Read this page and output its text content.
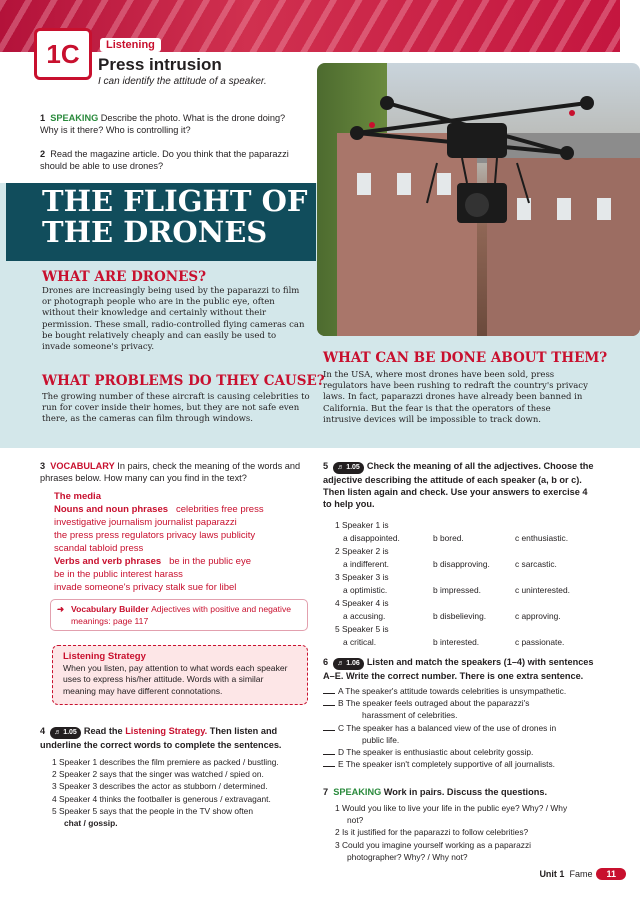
1C	Listening
Press intrusion
I can identify the attitude of a speaker.
1 SPEAKING Describe the photo. What is the drone doing? Why is it there? Who is controlling it?
2 Read the magazine article. Do you think that the paparazzi should be able to use drones?
THE FLIGHT OF
THE DRONES
WHAT ARE DRONES?
Drones are increasingly being used by the paparazzi to film or photograph people who are in the public eye, often without their knowledge and certainly without their permission. These small, radio-controlled flying cameras can be bought relatively cheaply and can easily be used to invade someone's privacy.
WHAT PROBLEMS DO THEY CAUSE?
The growing number of these aircraft is causing celebrities to run for cover inside their homes, but they are not safe even there, as the cameras can film through windows.
WHAT CAN BE DONE ABOUT THEM?
In the USA, where most drones have been sold, press regulators have been rushing to redraft the country's privacy laws. In fact, paparazzi drones have already been banned in California. But the fear is that the operators of these intrusive devices will be impossible to track down.
3 VOCABULARY In pairs, check the meaning of the words and phrases below. How many can you find in the text?
The media
Nouns and noun phrases celebrities free press
investigative journalism journalist paparazzi
the press press regulators privacy laws publicity
scandal tabloid press
Verbs and verb phrases be in the public eye
be in the public interest harass
invade someone's privacy stalk sue for libel
➜ Vocabulary Builder Adjectives with positive and negative meanings: page 117
Listening Strategy
When you listen, pay attention to what words each speaker uses to express his/her attitude. Words with a similar meaning may have different connotations.
4 ♬ 1.05 Read the Listening Strategy. Then listen and underline the correct words to complete the sentences.
1 Speaker 1 describes the film premiere as packed / bustling.
2 Speaker 2 says that the singer was watched / spied on.
3 Speaker 3 describes the actor as stubborn / determined.
4 Speaker 4 thinks the footballer is generous / extravagant.
5 Speaker 5 says that the people in the TV show often
chat / gossip.
5 ♬ 1.05 Check the meaning of all the adjectives. Choose the adjective describing the attitude of each speaker (a, b or c). Then listen again and check. Use your answers to exercise 4 to help you.
1 Speaker 1 is
a disappointed.	b bored.	c enthusiastic.
2 Speaker 2 is
a indifferent.	b disapproving.	c sarcastic.
3 Speaker 3 is
a optimistic.	b impressed.	c uninterested.
4 Speaker 4 is
a accusing.	b disbelieving.	c approving.
5 Speaker 5 is
a critical.	b interested.	c passionate.
6 ♬ 1.06 Listen and match the speakers (1–4) with sentences A–E. Write the correct number. There is one extra sentence.
A The speaker's attitude towards celebrities is unsympathetic.
B The speaker feels outraged about the paparazzi's
harassment of celebrities.
C The speaker has a balanced view of the use of drones in
public life.
D The speaker is enthusiastic about celebrity gossip.
E The speaker isn't completely supportive of all journalists.
7 SPEAKING Work in pairs. Discuss the questions.
1 Would you like to live your life in the public eye? Why? / Why
not?
2 Is it justified for the paparazzi to follow celebrities?
3 Could you imagine yourself working as a paparazzi
photographer? Why? / Why not?
Unit 1 Fame 11
